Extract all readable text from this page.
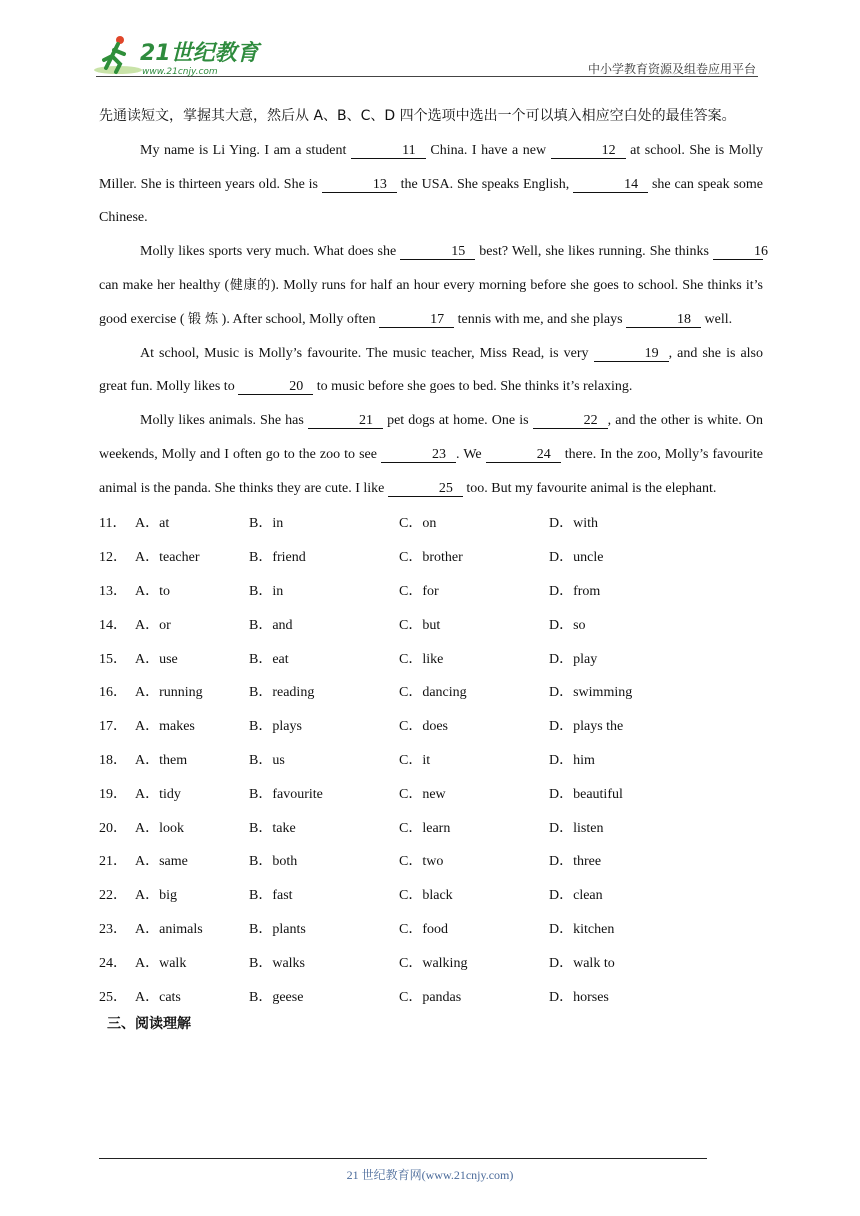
21世纪教育
www.21cnjy.com	中小学教育资源及组卷应用平台

先通读短文，掌握其大意，然后从 A、B、C、D 四个选项中选出一个可以填入相应空白处的最佳答案。

My name is Li Ying. I am a student	11 China. I have a new	12 at school. She is Molly Miller. She is thirteen years old. She is	13 the USA. She speaks English,	14 she can speak some Chinese.

Molly likes sports very much. What does she	15 best? Well, she likes running. She thinks	16 can make her healthy (健康的). Molly runs for half an hour every morning before she goes to school. She thinks it’s good exercise ( 锻 炼 ). After school, Molly often	17 tennis with me, and she plays	18 well.

At school, Music is Molly’s favourite. The music teacher, Miss Read, is very	19 , and she is also great fun. Molly likes to	20 to music before she goes to bed. She thinks it’s relaxing.

Molly likes animals. She has	21 pet dogs at home. One is	22 , and the other is white. On weekends, Molly and I often go to the zoo to see	23 . We	24 there. In the zoo, Molly’s favourite animal is the panda. She thinks they are cute. I like	25 too. But my favourite animal is the elephant.

11． A．at	B．in	C．on	D．with
12． A．teacher	B．friend	C．brother	D．uncle
13． A．to	B．in	C．for	D．from
14． A．or	B．and	C．but	D．so
15． A．use	B．eat	C．like	D．play
16． A．running	B．reading	C．dancing	D．swimming
17． A．makes	B．plays	C．does	D．plays the
18． A．them	B．us	C．it	D．him
19． A．tidy	B．favourite	C．new	D．beautiful
20． A．look	B．take	C．learn	D．listen
21． A．same	B．both	C．two	D．three
22． A．big	B．fast	C．black	D．clean
23． A．animals	B．plants	C．food	D．kitchen
24． A．walk	B．walks	C．walking	D．walk to
25． A．cats	B．geese	C．pandas	D．horses
三、阅读理解
21 世纪教育网(www.21cnjy.com)
